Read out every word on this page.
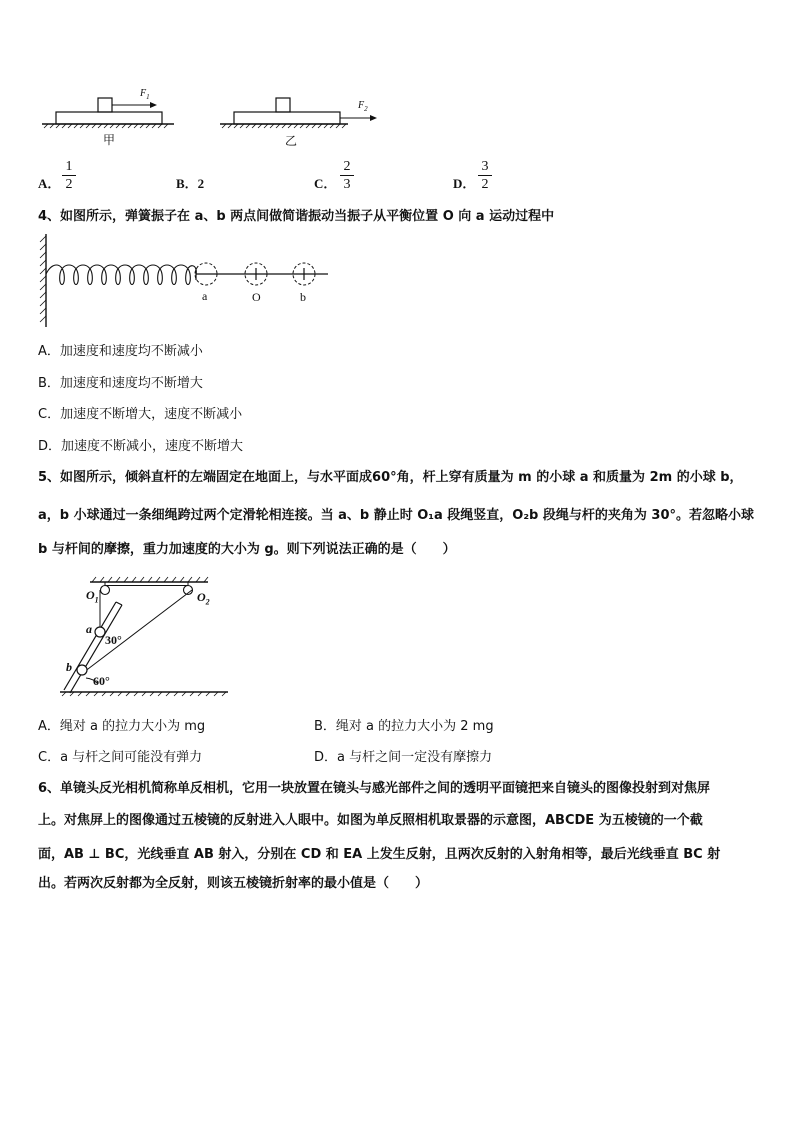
$F_1$
甲
$F_2$
乙
A．
1
2	B．2	C．
2
3	D．
3
2
4、如图所示，弹簧振子在 a、b 两点间做简谐振动当振子从平衡位置 O 向 a 运动过程中
a	O	b
A．加速度和速度均不断减小
B．加速度和速度均不断增大
C．加速度不断增大，速度不断减小
D．加速度不断减小，速度不断增大
5、如图所示，倾斜直杆的左端固定在地面上，与水平面成60°角，杆上穿有质量为 m 的小球 a 和质量为 2m 的小球 b，
a，b 小球通过一条细绳跨过两个定滑轮相连接。当 a、b 静止时 O₁a 段绳竖直，O₂b 段绳与杆的夹角为 30°。若忽略小球
b 与杆间的摩擦，重力加速度的大小为 g。则下列说法正确的是（　　）
$O_1$	$O_2$
a
b
30°
60°
A．绳对 a 的拉力大小为 mg	B．绳对 a 的拉力大小为 2 mg
C．a 与杆之间可能没有弹力	D．a 与杆之间一定没有摩擦力
6、单镜头反光相机简称单反相机，它用一块放置在镜头与感光部件之间的透明平面镜把来自镜头的图像投射到对焦屏
上。对焦屏上的图像通过五棱镜的反射进入人眼中。如图为单反照相机取景器的示意图，ABCDE 为五棱镜的一个截
面，AB ⊥ BC，光线垂直 AB 射入，分别在 CD 和 EA 上发生反射，且两次反射的入射角相等，最后光线垂直 BC 射
出。若两次反射都为全反射，则该五棱镜折射率的最小值是（　　）
